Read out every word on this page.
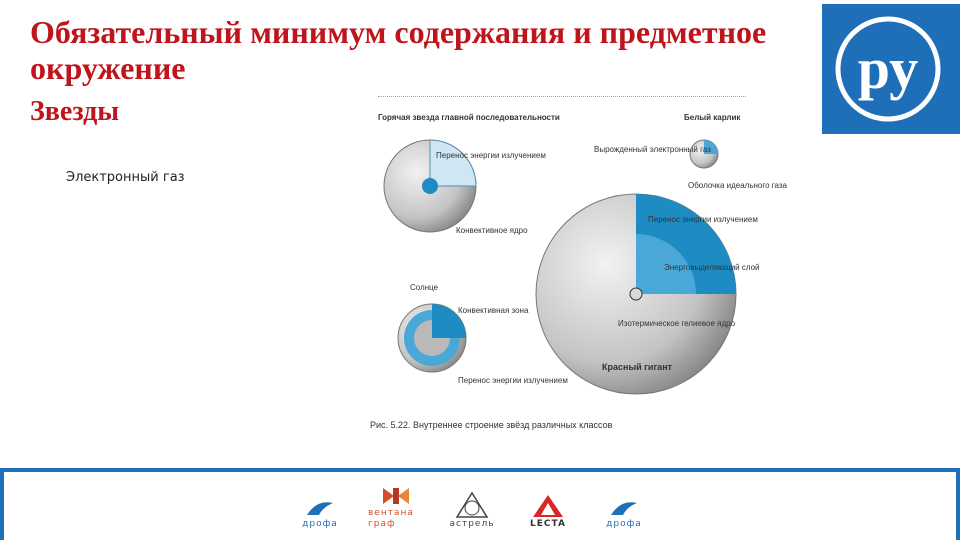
Обязательный минимум содержания и предметное окружение
Звезды
ру
Электронный газ
Горячая звезда главной последовательности
Перенос энергии излучением
Конвективное ядро
Солнце
Конвективная зона
Перенос энергии излучением
Белый карлик
Вырожденный электронный газ
Оболочка идеального газа
Перенос энергии излучением
Энерговыделяющий слой
Изотермическое гелиевое ядро
Красный гигант
Рис. 5.22. Внутреннее строение звёзд различных классов
дрофа
вентана граф	астрель	LECTA	дрофа
